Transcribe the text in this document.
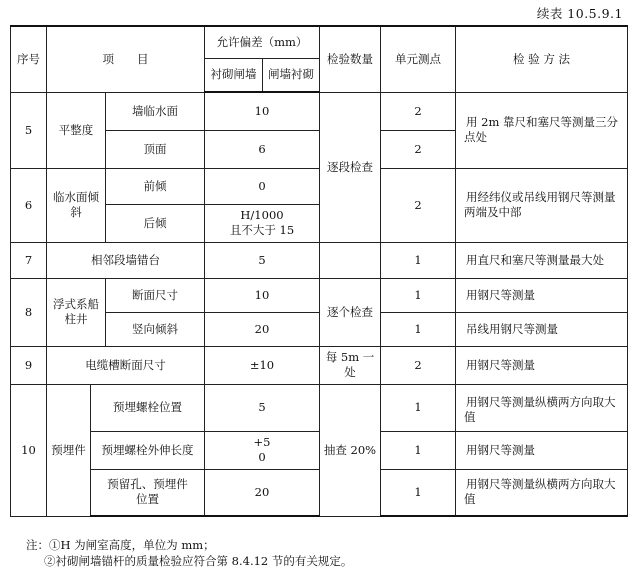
续表 10.5.9.1
序号	项　　目			允许偏差（mm）		检验数量	单元测点	检 验 方 法
				衬砌闸墙	闸墙衬砌			
5	平整度		墙临水面	10		逐段检查	2	用 2m 靠尺和塞尺等测量三分点处
			顶面	6			2	
6	临水面倾斜		前倾	0			2	用经纬仪或吊线用钢尺等测量两端及中部
			后倾	H/1000
且不大于 15				

7	相邻段墙错台			5			1	用直尺和塞尺等测量最大处
8	浮式系船柱井		断面尺寸	10		逐个检查	1	用钢尺等测量
			竖向倾斜	20			1	吊线用钢尺等测量
9	电缆槽断面尺寸			±10		每 5m 一处	2	用钢尺等测量
10	预埋件	预埋螺栓位置		5		抽查 20%	1	用钢尺等测量纵横两方向取大值
		预埋螺栓外伸长度		+5
0			1	用钢尺等测量

		预留孔、预埋件
位置		20			1	用钢尺等测量纵横两方向取大值
注：①H 为闸室高度，单位为 mm；
②衬砌闸墙锚杆的质量检验应符合第 8.4.12 节的有关规定。
